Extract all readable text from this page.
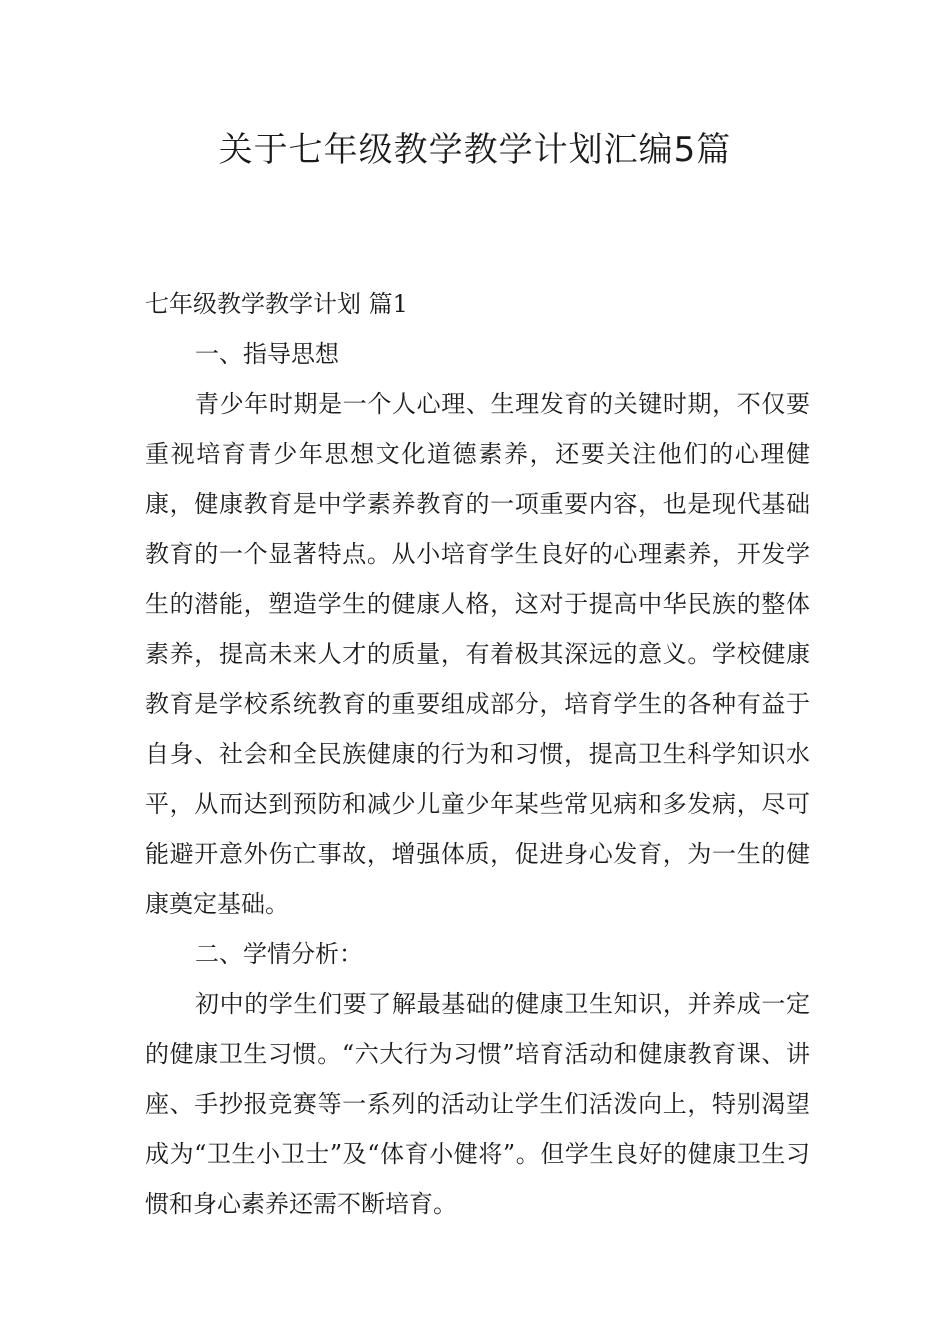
关于七年级教学教学计划汇编5篇

七年级教学教学计划 篇1

一、指导思想

青少年时期是一个人心理、生理发育的关键时期，不仅要重视培育青少年思想文化道德素养，还要关注他们的心理健康，健康教育是中学素养教育的一项重要内容，也是现代基础教育的一个显著特点。从小培育学生良好的心理素养，开发学生的潜能，塑造学生的健康人格，这对于提高中华民族的整体素养，提高未来人才的质量，有着极其深远的意义。学校健康教育是学校系统教育的重要组成部分，培育学生的各种有益于自身、社会和全民族健康的行为和习惯，提高卫生科学知识水平，从而达到预防和减少儿童少年某些常见病和多发病，尽可能避开意外伤亡事故，增强体质，促进身心发育，为一生的健康奠定基础。

二、学情分析：

初中的学生们要了解最基础的健康卫生知识，并养成一定的健康卫生习惯。“六大行为习惯”培育活动和健康教育课、讲座、手抄报竞赛等一系列的活动让学生们活泼向上，特别渴望成为“卫生小卫士”及“体育小健将”。但学生良好的健康卫生习惯和身心素养还需不断培育。
